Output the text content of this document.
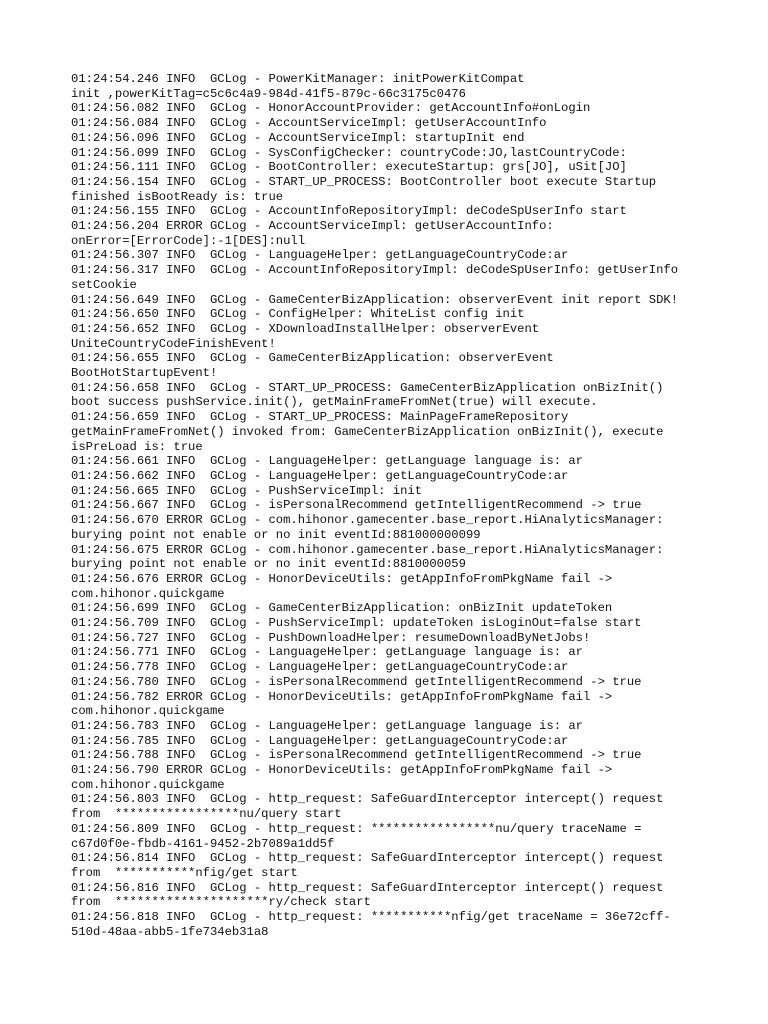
01:24:54.246 INFO  GCLog - PowerKitManager: initPowerKitCompat
init ,powerKitTag=c5c6c4a9-984d-41f5-879c-66c3175c0476
01:24:56.082 INFO  GCLog - HonorAccountProvider: getAccountInfo#onLogin
01:24:56.084 INFO  GCLog - AccountServiceImpl: getUserAccountInfo
01:24:56.096 INFO  GCLog - AccountServiceImpl: startupInit end
01:24:56.099 INFO  GCLog - SysConfigChecker: countryCode:JO,lastCountryCode:
01:24:56.111 INFO  GCLog - BootController: executeStartup: grs[JO], uSit[JO]
01:24:56.154 INFO  GCLog - START_UP_PROCESS: BootController boot execute Startup
finished isBootReady is: true
01:24:56.155 INFO  GCLog - AccountInfoRepositoryImpl: deCodeSpUserInfo start
01:24:56.204 ERROR GCLog - AccountServiceImpl: getUserAccountInfo:
onError=[ErrorCode]:-1[DES]:null
01:24:56.307 INFO  GCLog - LanguageHelper: getLanguageCountryCode:ar
01:24:56.317 INFO  GCLog - AccountInfoRepositoryImpl: deCodeSpUserInfo: getUserInfo
setCookie
01:24:56.649 INFO  GCLog - GameCenterBizApplication: observerEvent init report SDK!
01:24:56.650 INFO  GCLog - ConfigHelper: WhiteList config init
01:24:56.652 INFO  GCLog - XDownloadInstallHelper: observerEvent
UniteCountryCodeFinishEvent!
01:24:56.655 INFO  GCLog - GameCenterBizApplication: observerEvent
BootHotStartupEvent!
01:24:56.658 INFO  GCLog - START_UP_PROCESS: GameCenterBizApplication onBizInit()
boot success pushService.init(), getMainFrameFromNet(true) will execute.
01:24:56.659 INFO  GCLog - START_UP_PROCESS: MainPageFrameRepository
getMainFrameFromNet() invoked from: GameCenterBizApplication onBizInit(), execute
isPreLoad is: true
01:24:56.661 INFO  GCLog - LanguageHelper: getLanguage language is: ar
01:24:56.662 INFO  GCLog - LanguageHelper: getLanguageCountryCode:ar
01:24:56.665 INFO  GCLog - PushServiceImpl: init
01:24:56.667 INFO  GCLog - isPersonalRecommend getIntelligentRecommend -> true
01:24:56.670 ERROR GCLog - com.hihonor.gamecenter.base_report.HiAnalyticsManager:
burying point not enable or no init eventId:881000000099
01:24:56.675 ERROR GCLog - com.hihonor.gamecenter.base_report.HiAnalyticsManager:
burying point not enable or no init eventId:8810000059
01:24:56.676 ERROR GCLog - HonorDeviceUtils: getAppInfoFromPkgName fail ->
com.hihonor.quickgame
01:24:56.699 INFO  GCLog - GameCenterBizApplication: onBizInit updateToken
01:24:56.709 INFO  GCLog - PushServiceImpl: updateToken isLoginOut=false start
01:24:56.727 INFO  GCLog - PushDownloadHelper: resumeDownloadByNetJobs!
01:24:56.771 INFO  GCLog - LanguageHelper: getLanguage language is: ar
01:24:56.778 INFO  GCLog - LanguageHelper: getLanguageCountryCode:ar
01:24:56.780 INFO  GCLog - isPersonalRecommend getIntelligentRecommend -> true
01:24:56.782 ERROR GCLog - HonorDeviceUtils: getAppInfoFromPkgName fail ->
com.hihonor.quickgame
01:24:56.783 INFO  GCLog - LanguageHelper: getLanguage language is: ar
01:24:56.785 INFO  GCLog - LanguageHelper: getLanguageCountryCode:ar
01:24:56.788 INFO  GCLog - isPersonalRecommend getIntelligentRecommend -> true
01:24:56.790 ERROR GCLog - HonorDeviceUtils: getAppInfoFromPkgName fail ->
com.hihonor.quickgame
01:24:56.803 INFO  GCLog - http_request: SafeGuardInterceptor intercept() request
from  *****************nu/query start
01:24:56.809 INFO  GCLog - http_request: *****************nu/query traceName =
c67d0f0e-fbdb-4161-9452-2b7089a1dd5f
01:24:56.814 INFO  GCLog - http_request: SafeGuardInterceptor intercept() request
from  ***********nfig/get start
01:24:56.816 INFO  GCLog - http_request: SafeGuardInterceptor intercept() request
from  *********************ry/check start
01:24:56.818 INFO  GCLog - http_request: ***********nfig/get traceName = 36e72cff-
510d-48aa-abb5-1fe734eb31a8
